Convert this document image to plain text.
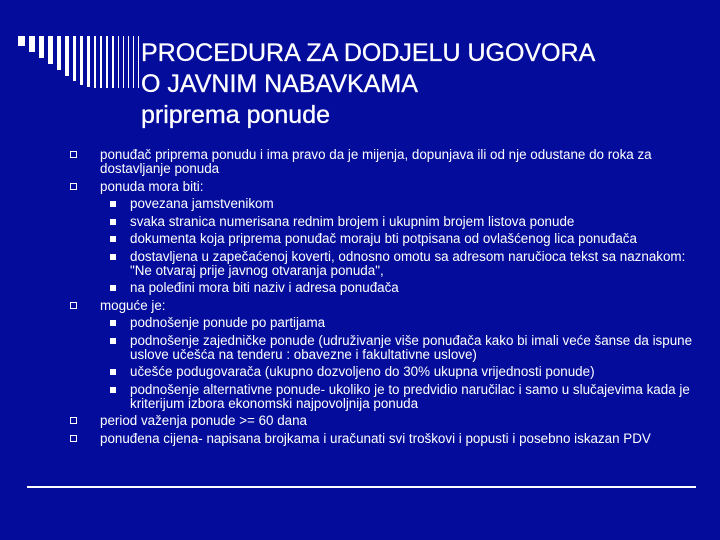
PROCEDURA ZA DODJELU UGOVORA
O JAVNIM NABAVKAMA
priprema ponude
ponuđač priprema ponudu i ima pravo da je mijenja, dopunjava ili od nje odustane do roka za dostavljanje ponuda
ponuda mora biti:
povezana jamstvenikom
svaka stranica numerisana rednim brojem i ukupnim brojem listova ponude
dokumenta koja priprema ponuđač moraju bti potpisana od ovlašćenog lica ponuđača
dostavljena u zapečaćenoj koverti, odnosno omotu sa adresom naručioca tekst sa naznakom: "Ne otvaraj prije javnog otvaranja ponuda",
na poleđini mora biti naziv i adresa ponuđača
moguće je:
podnošenje ponude po partijama
podnošenje zajedničke ponude (udruživanje više ponuđača kako bi imali veće šanse da ispune uslove učešća na tenderu : obavezne i fakultativne uslove)
učešće podugovarača (ukupno dozvoljeno do 30% ukupna vrijednosti ponude)
podnošenje alternativne ponude- ukoliko je to predvidio naručilac i samo u slučajevima kada je kriterijum izbora ekonomski najpovoljnija ponuda
period važenja ponude >= 60 dana
ponuđena cijena- napisana brojkama i uračunati svi troškovi i popusti i posebno iskazan PDV
